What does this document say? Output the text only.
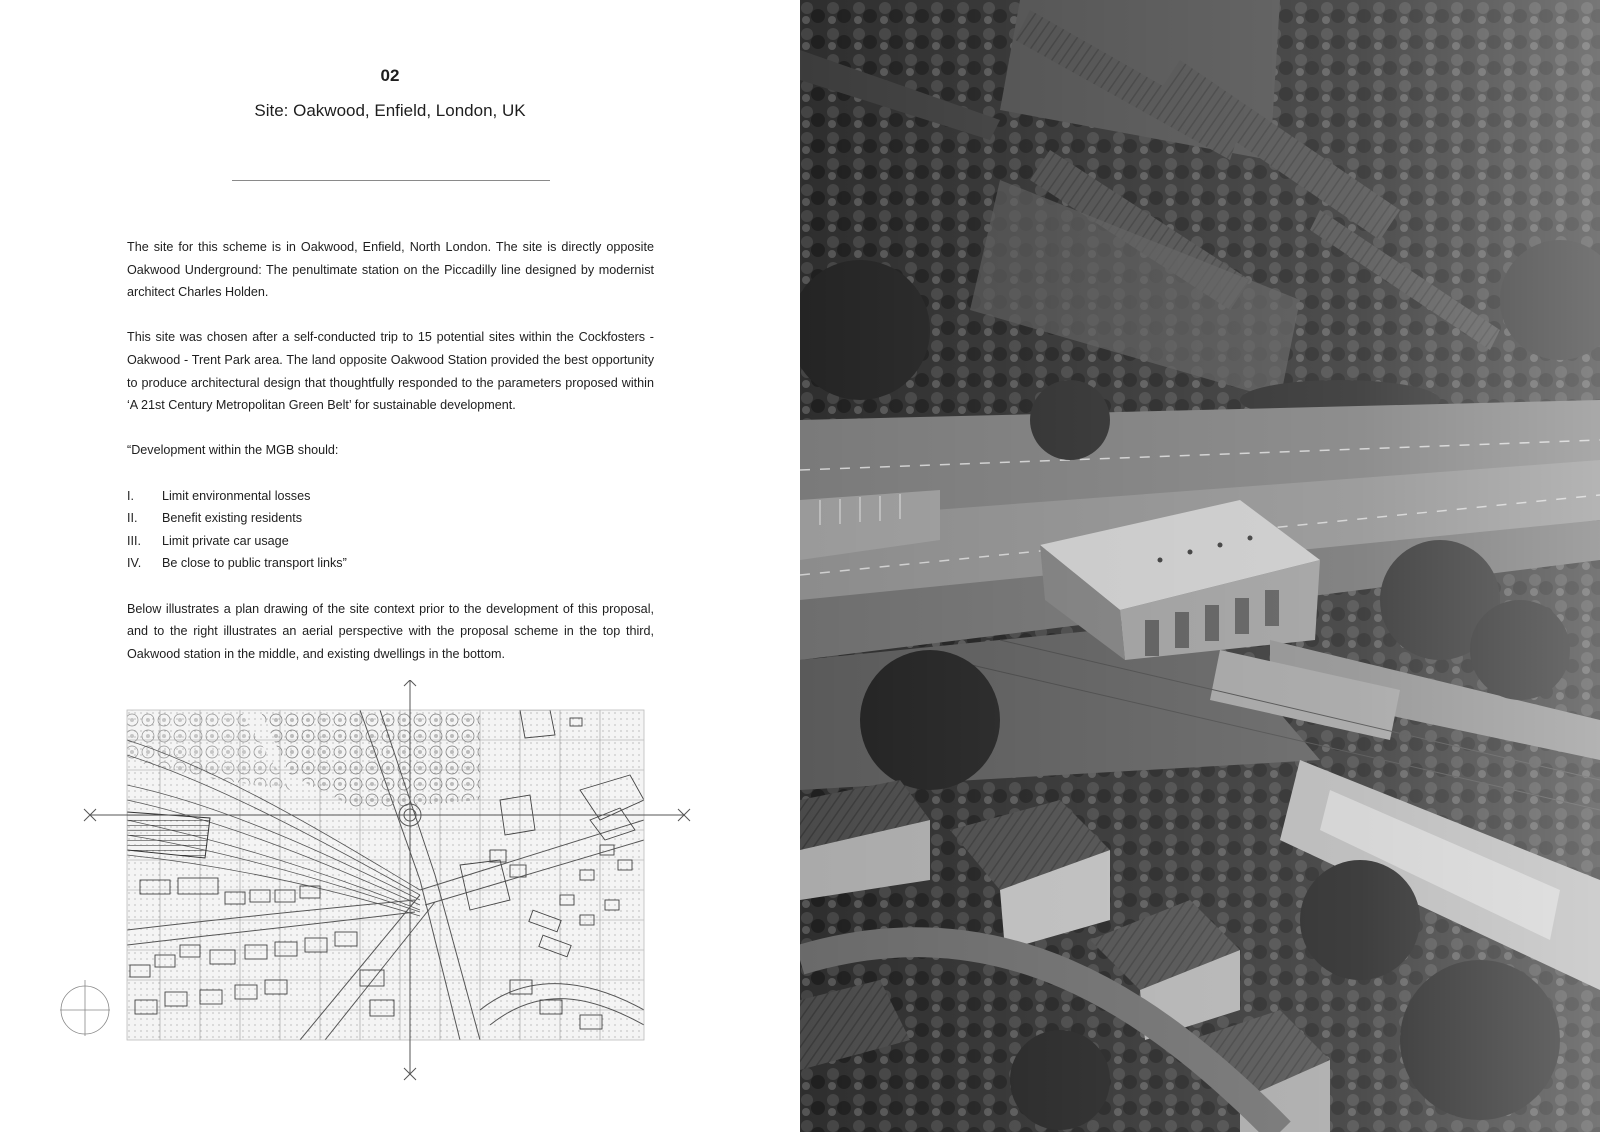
02
Site: Oakwood, Enfield, London, UK

The site for this scheme is in Oakwood, Enfield, North London. The site is directly opposite Oakwood Underground: The penultimate station on the Piccadilly line designed by modernist architect Charles Holden.

This site was chosen after a self-conducted trip to 15 potential sites within the Cockfosters - Oakwood - Trent Park area. The land opposite Oakwood Station provided the best opportunity to produce architectural design that thoughtfully responded to the parameters proposed within ‘A 21st Century Metropolitan Green Belt’ for sustainable development.

“Development within the MGB should:

I.	Limit environmental losses
II.	Benefit existing residents
III.	Limit private car usage
IV.	Be close to public transport links”

Below illustrates a plan drawing of the site context prior to the development of this proposal, and to the right illustrates an aerial perspective with the proposal scheme in the top third, Oakwood station in the middle, and existing dwellings in the bottom.
